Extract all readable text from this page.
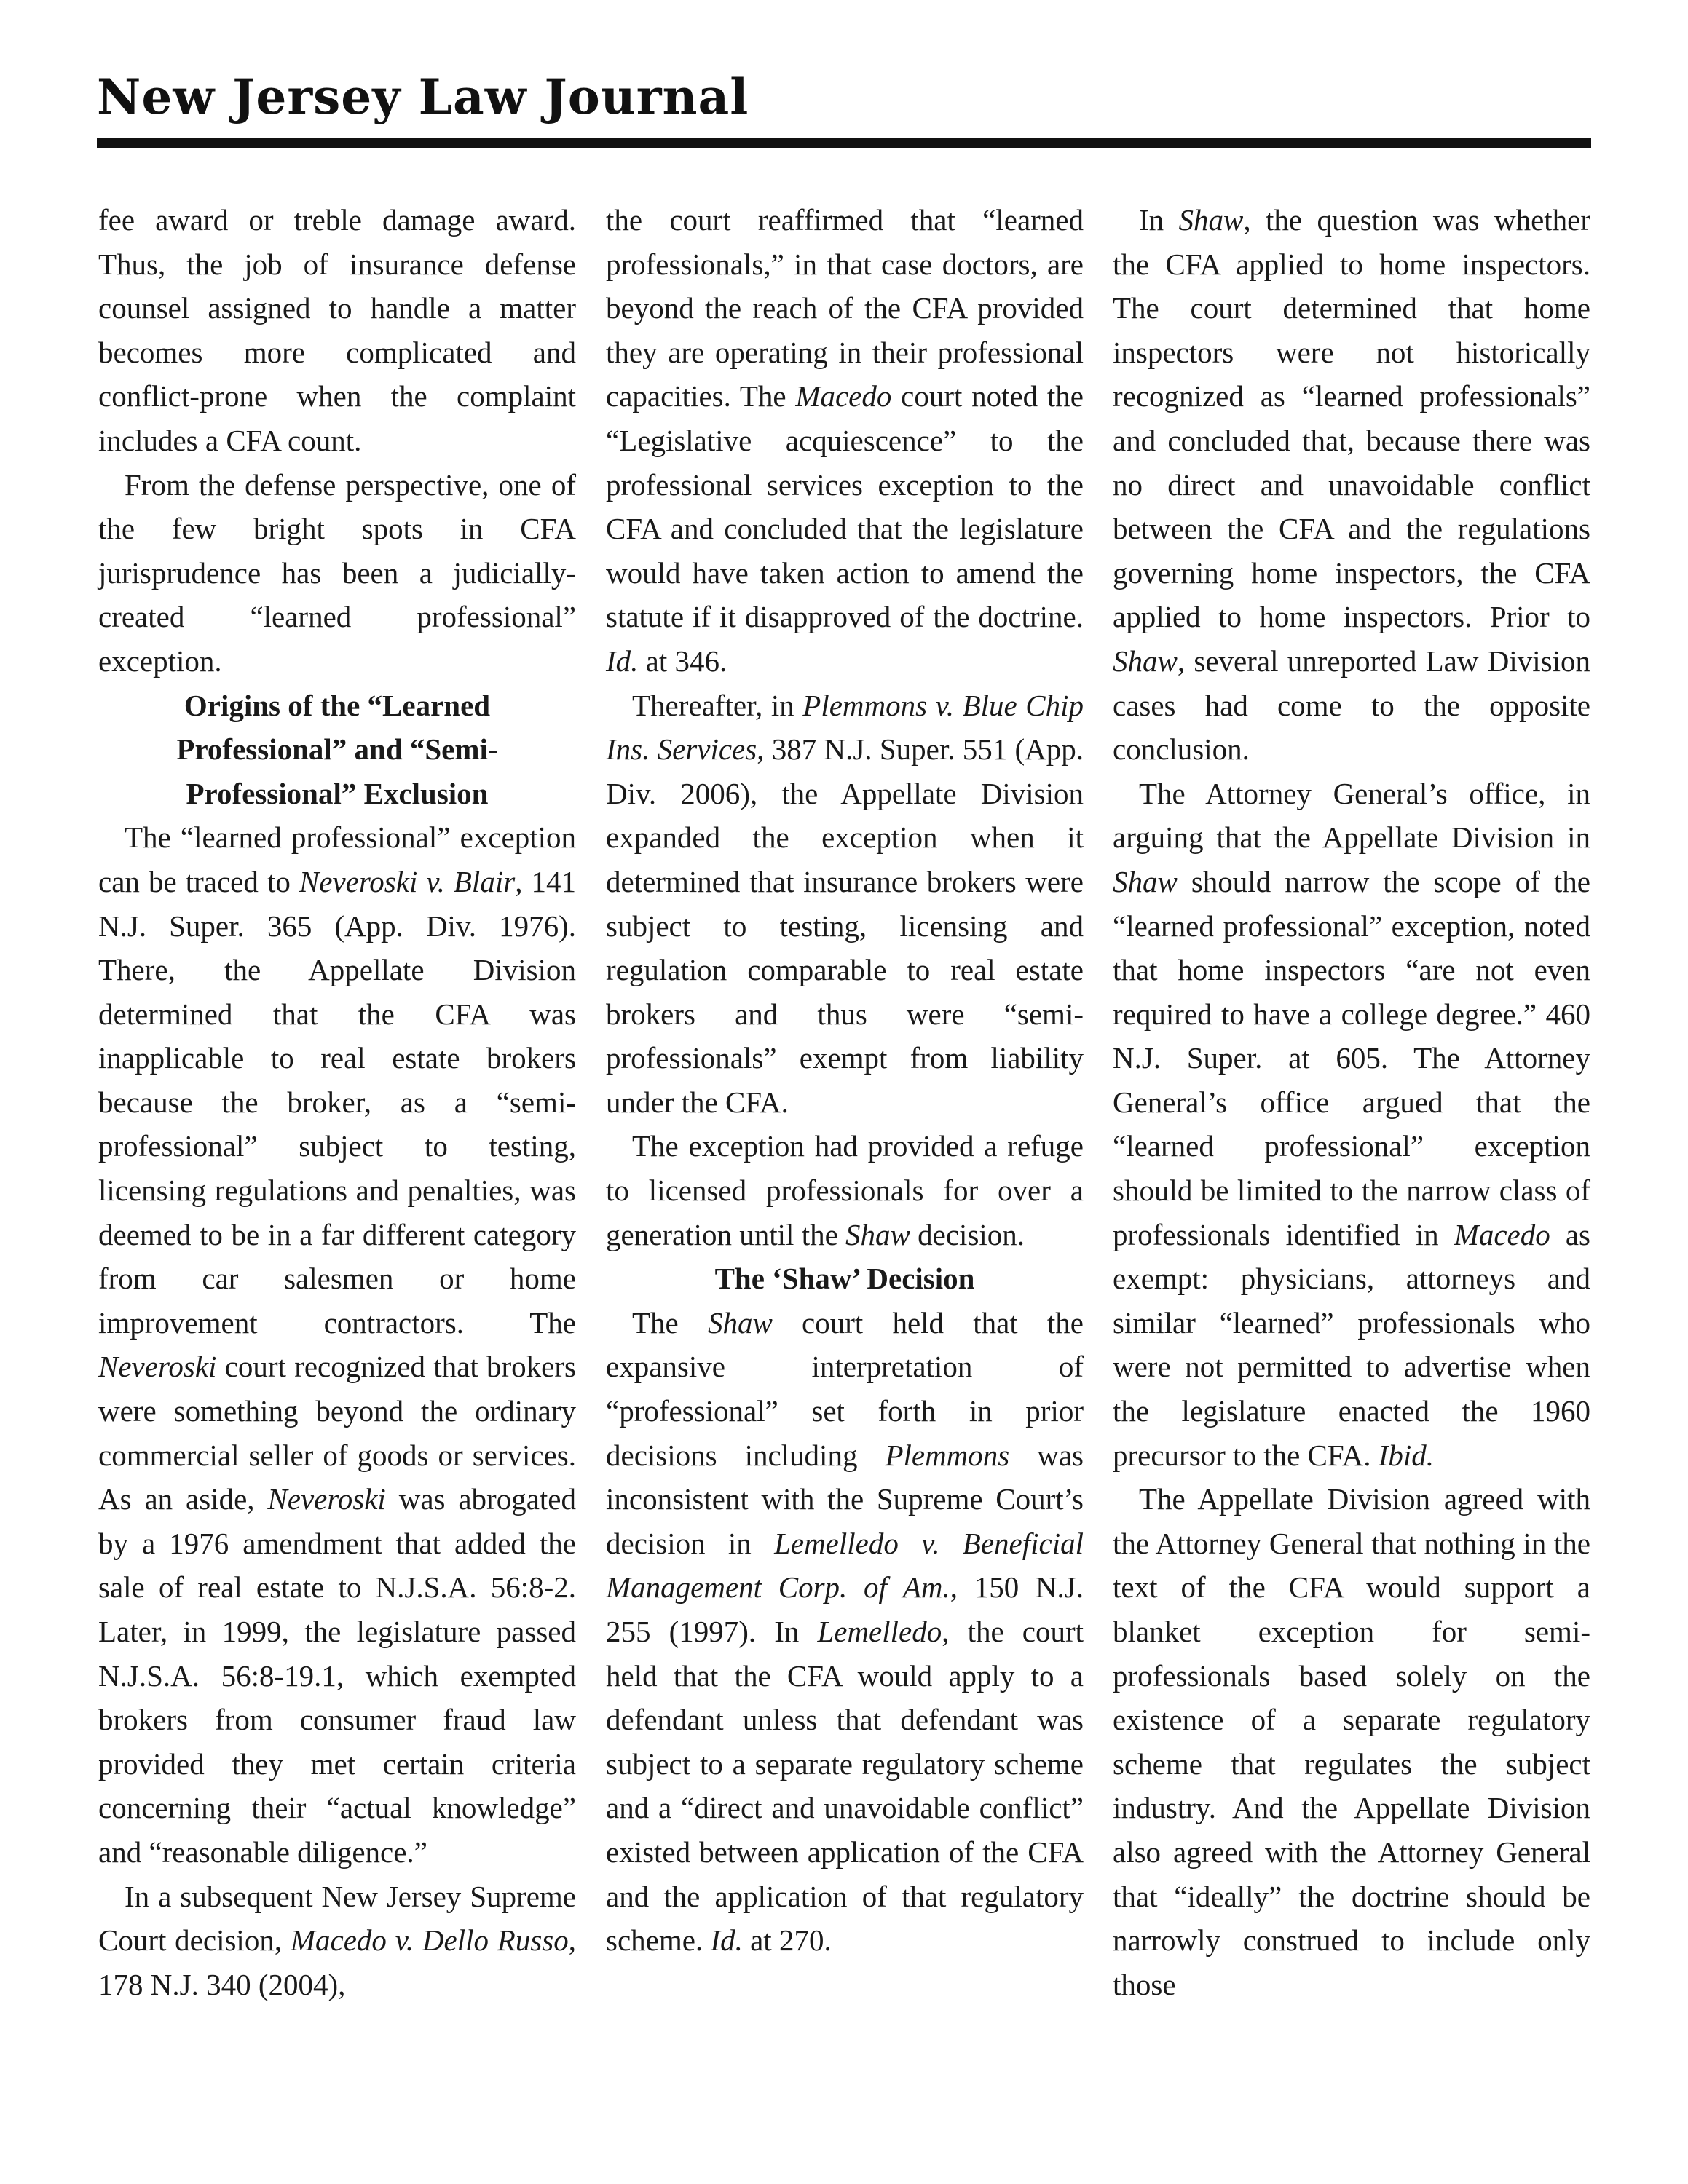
New Jersey Law Journal

fee award or treble damage award. Thus, the job of insurance defense counsel assigned to handle a matter becomes more complicated and conflict-prone when the complaint includes a CFA count.

From the defense perspective, one of the few bright spots in CFA jurisprudence has been a judicially-created “learned professional” exception.

Origins of the “Learned Professional” and “Semi-Professional” Exclusion

The “learned professional” exception can be traced to Neveroski v. Blair, 141 N.J. Super. 365 (App. Div. 1976). There, the Appellate Division determined that the CFA was inapplicable to real estate brokers because the broker, as a “semi-professional” subject to testing, licensing regulations and penalties, was deemed to be in a far different category from car salesmen or home improvement contractors. The Neveroski court recognized that brokers were something beyond the ordinary commercial seller of goods or services. As an aside, Neveroski was abrogated by a 1976 amendment that added the sale of real estate to N.J.S.A. 56:8-2. Later, in 1999, the legislature passed N.J.S.A. 56:8-19.1, which exempted brokers from consumer fraud law provided they met certain criteria concerning their “actual knowledge” and “reasonable diligence.”

In a subsequent New Jersey Supreme Court decision, Macedo v. Dello Russo, 178 N.J. 340 (2004),

the court reaffirmed that “learned professionals,” in that case doctors, are beyond the reach of the CFA provided they are operating in their professional capacities. The Macedo court noted the “Legislative acquiescence” to the professional services exception to the CFA and concluded that the legislature would have taken action to amend the statute if it disapproved of the doctrine. Id. at 346.

Thereafter, in Plemmons v. Blue Chip Ins. Services, 387 N.J. Super. 551 (App. Div. 2006), the Appellate Division expanded the exception when it determined that insurance brokers were subject to testing, licensing and regulation comparable to real estate brokers and thus were “semi-professionals” exempt from liability under the CFA.

The exception had provided a refuge to licensed professionals for over a generation until the Shaw decision.

The ‘Shaw’ Decision

The Shaw court held that the expansive interpretation of “professional” set forth in prior decisions including Plemmons was inconsistent with the Supreme Court’s decision in Lemelledo v. Beneficial Management Corp. of Am., 150 N.J. 255 (1997). In Lemelledo, the court held that the CFA would apply to a defendant unless that defendant was subject to a separate regulatory scheme and a “direct and unavoidable conflict” existed between application of the CFA and the application of that regulatory scheme. Id. at 270.

In Shaw, the question was whether the CFA applied to home inspectors. The court determined that home inspectors were not historically recognized as “learned professionals” and concluded that, because there was no direct and unavoidable conflict between the CFA and the regulations governing home inspectors, the CFA applied to home inspectors. Prior to Shaw, several unreported Law Division cases had come to the opposite conclusion.

The Attorney General’s office, in arguing that the Appellate Division in Shaw should narrow the scope of the “learned professional” exception, noted that home inspectors “are not even required to have a college degree.” 460 N.J. Super. at 605. The Attorney General’s office argued that the “learned professional” exception should be limited to the narrow class of professionals identified in Macedo as exempt: physicians, attorneys and similar “learned” professionals who were not permitted to advertise when the legislature enacted the 1960 precursor to the CFA. Ibid.

The Appellate Division agreed with the Attorney General that nothing in the text of the CFA would support a blanket exception for semi-professionals based solely on the existence of a separate regulatory scheme that regulates the subject industry. And the Appellate Division also agreed with the Attorney General that “ideally” the doctrine should be narrowly construed to include only those
